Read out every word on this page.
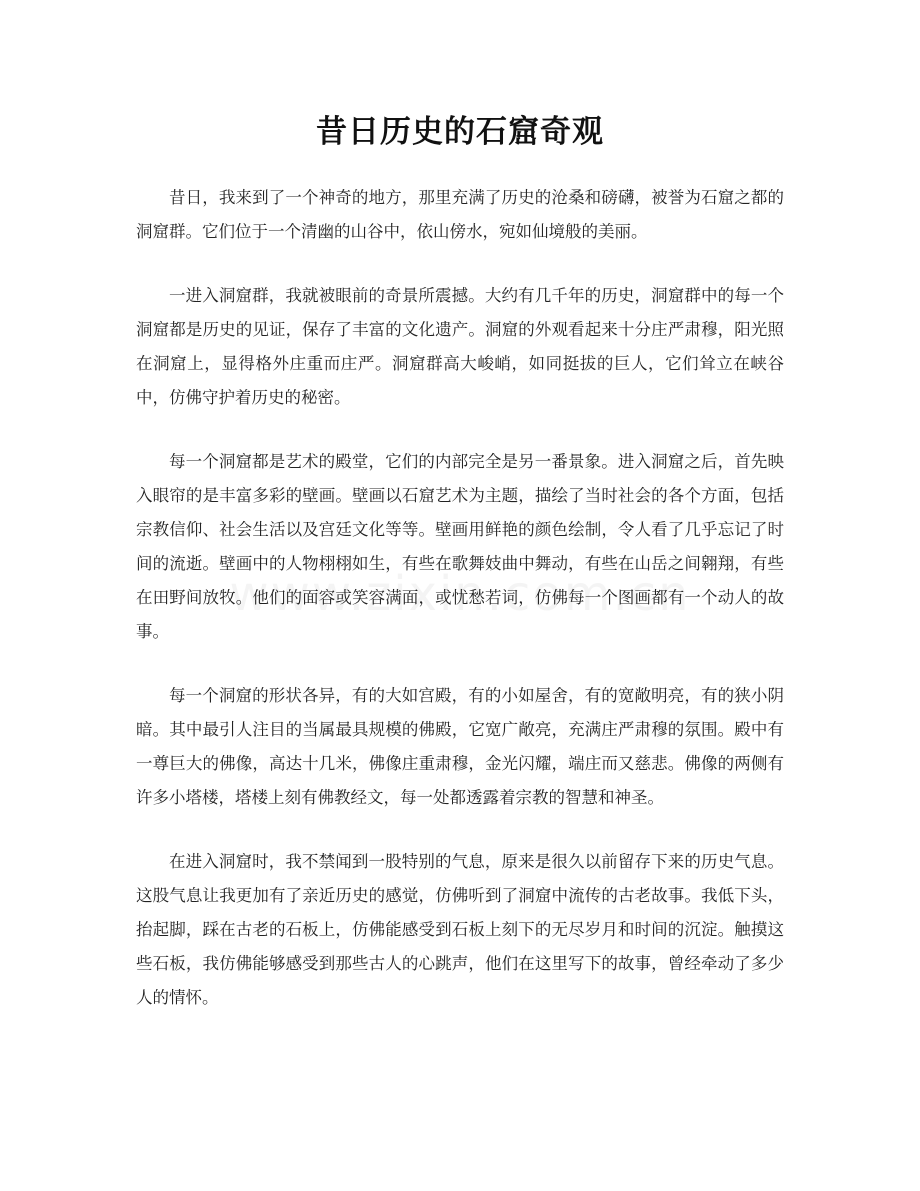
昔日历史的石窟奇观

昔日，我来到了一个神奇的地方，那里充满了历史的沧桑和磅礴，被誉为石窟之都的洞窟群。它们位于一个清幽的山谷中，依山傍水，宛如仙境般的美丽。

一进入洞窟群，我就被眼前的奇景所震撼。大约有几千年的历史，洞窟群中的每一个洞窟都是历史的见证，保存了丰富的文化遗产。洞窟的外观看起来十分庄严肃穆，阳光照在洞窟上，显得格外庄重而庄严。洞窟群高大峻峭，如同挺拔的巨人，它们耸立在峡谷中，仿佛守护着历史的秘密。

每一个洞窟都是艺术的殿堂，它们的内部完全是另一番景象。进入洞窟之后，首先映入眼帘的是丰富多彩的壁画。壁画以石窟艺术为主题，描绘了当时社会的各个方面，包括宗教信仰、社会生活以及宫廷文化等等。壁画用鲜艳的颜色绘制，令人看了几乎忘记了时间的流逝。壁画中的人物栩栩如生，有些在歌舞妓曲中舞动，有些在山岳之间翱翔，有些在田野间放牧。他们的面容或笑容满面，或忧愁若词，仿佛每一个图画都有一个动人的故事。

每一个洞窟的形状各异，有的大如宫殿，有的小如屋舍，有的宽敞明亮，有的狭小阴暗。其中最引人注目的当属最具规模的佛殿，它宽广敞亮，充满庄严肃穆的氛围。殿中有一尊巨大的佛像，高达十几米，佛像庄重肃穆，金光闪耀，端庄而又慈悲。佛像的两侧有许多小塔楼，塔楼上刻有佛教经文，每一处都透露着宗教的智慧和神圣。

在进入洞窟时，我不禁闻到一股特别的气息，原来是很久以前留存下来的历史气息。这股气息让我更加有了亲近历史的感觉，仿佛听到了洞窟中流传的古老故事。我低下头，抬起脚，踩在古老的石板上，仿佛能感受到石板上刻下的无尽岁月和时间的沉淀。触摸这些石板，我仿佛能够感受到那些古人的心跳声，他们在这里写下的故事，曾经牵动了多少人的情怀。
